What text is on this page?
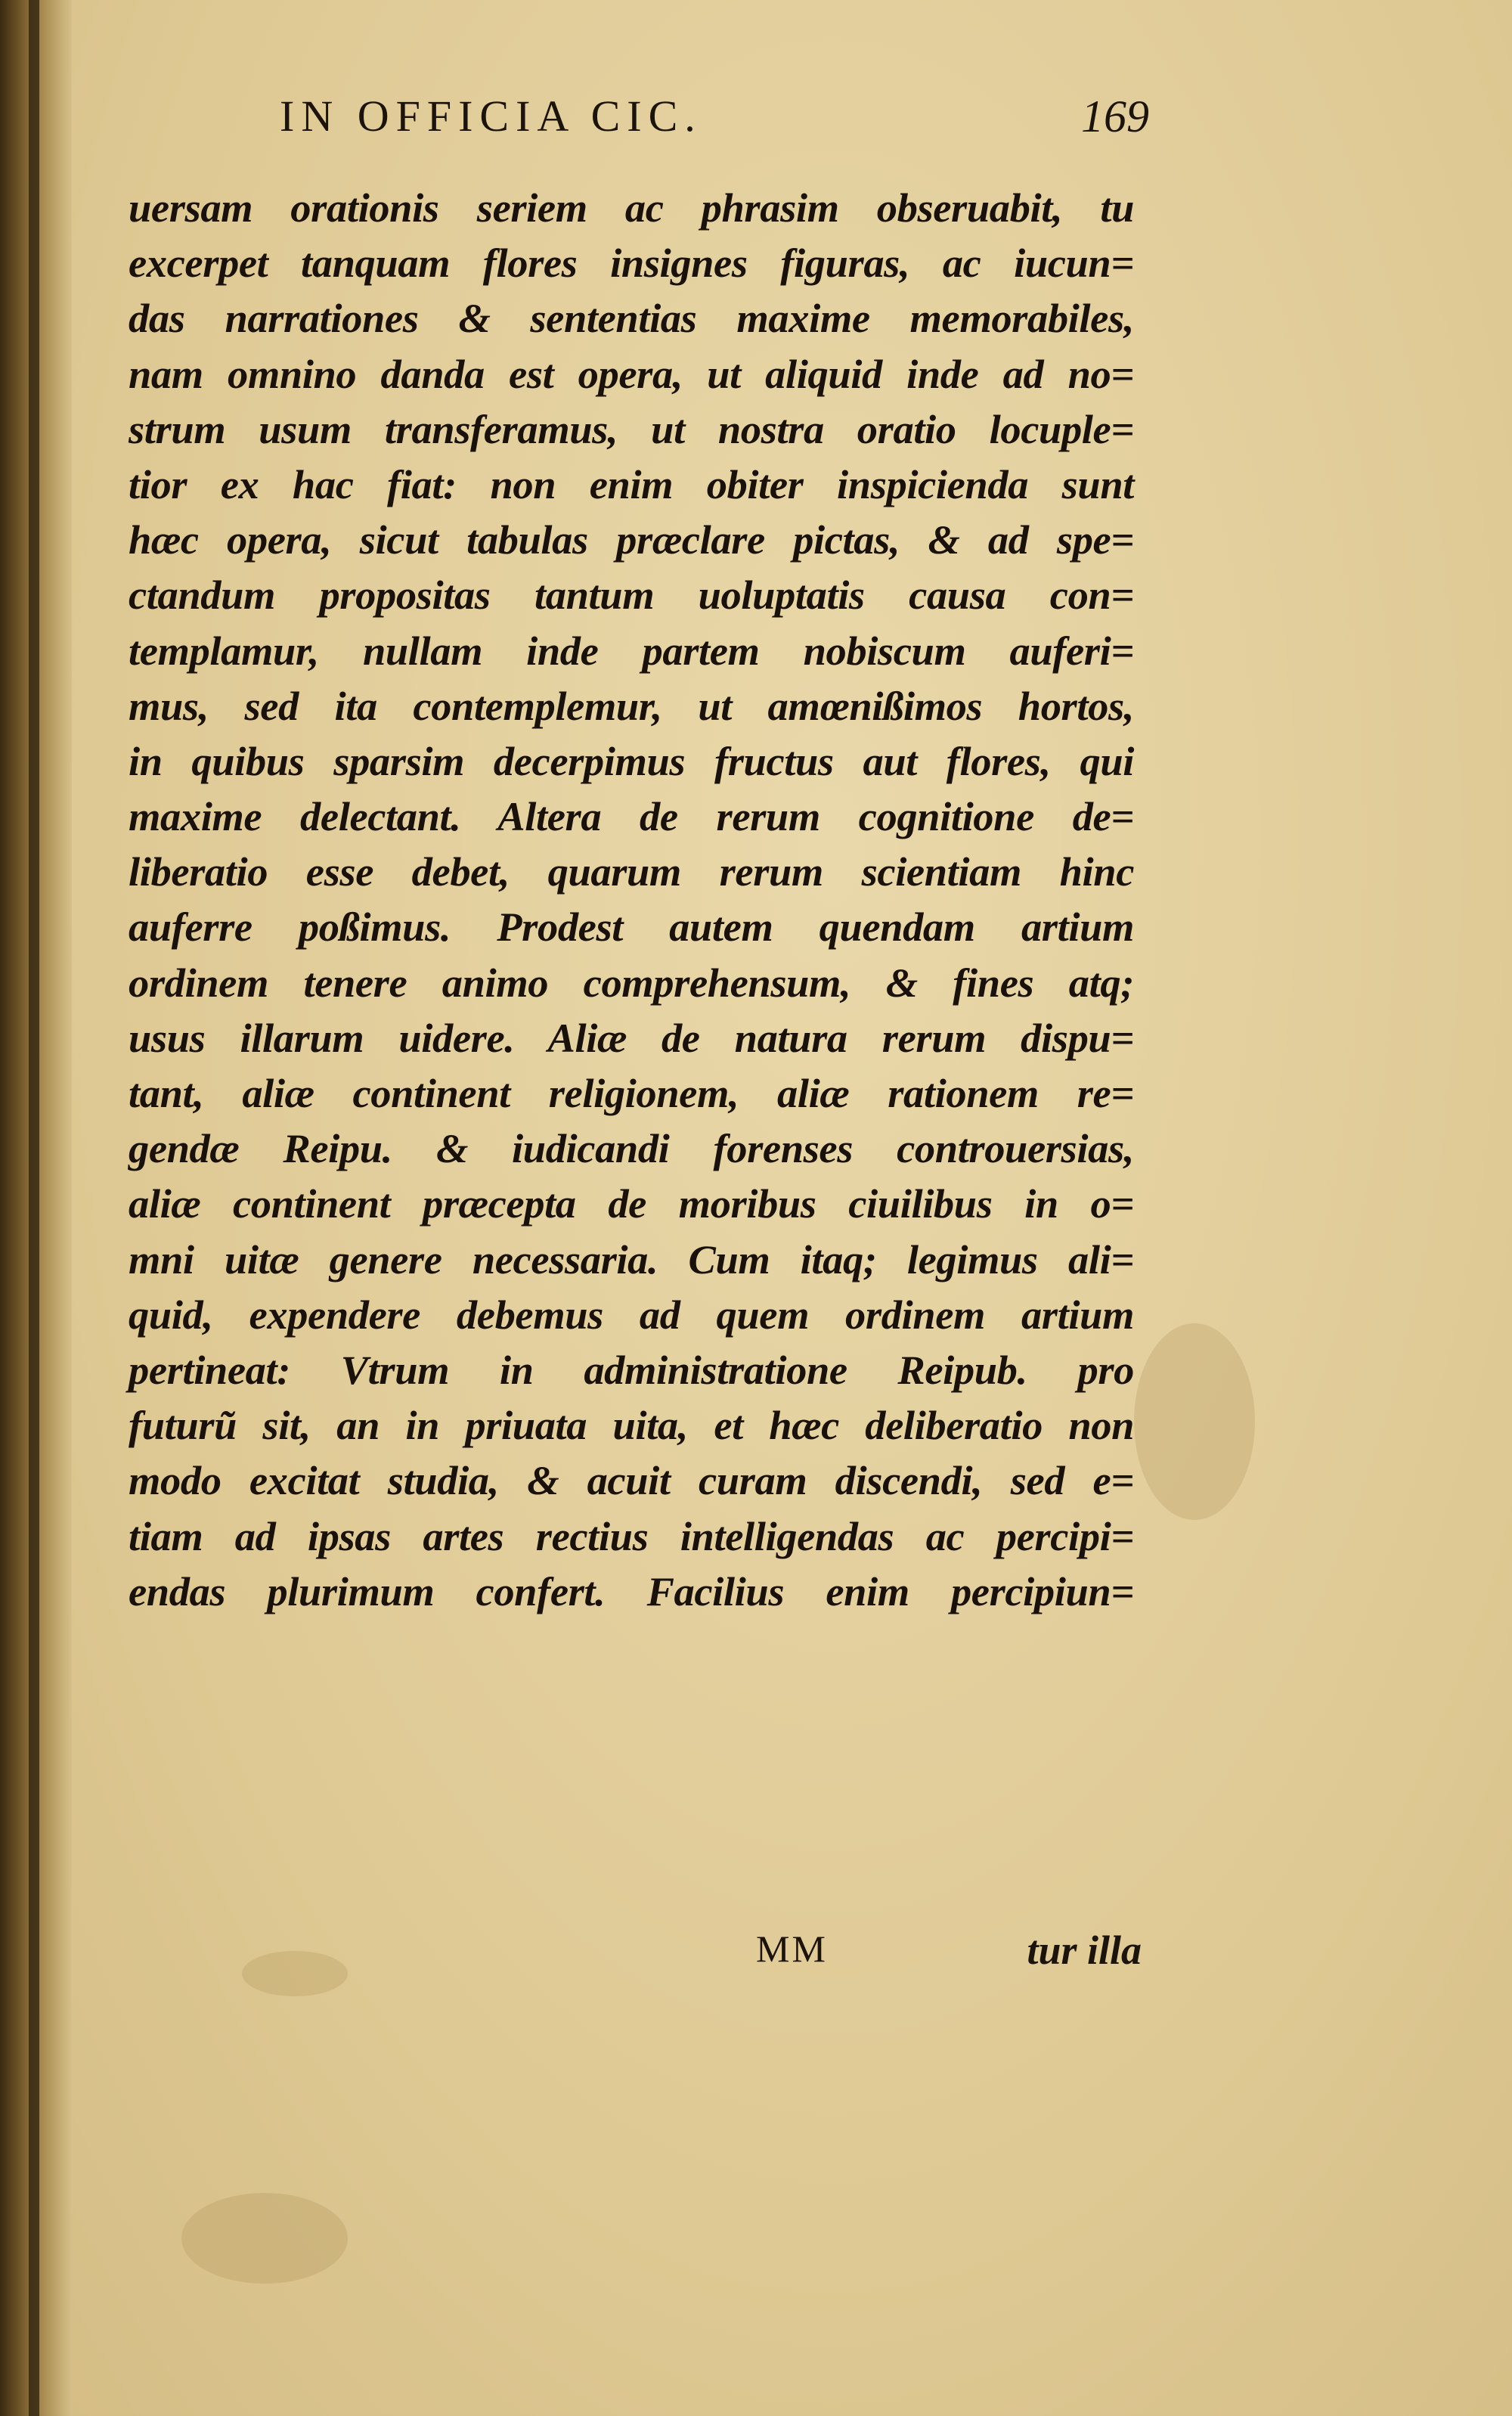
IN OFFICIA CIC.	169
uersam orationis seriem ac phrasim obseruabit, tu
excerpet tanquam flores insignes figuras, ac iucun=
das narrationes & sententias maxime memorabiles,
nam omnino danda est opera, ut aliquid inde ad no=
strum usum transferamus, ut nostra oratio locuple=
tior ex hac fiat: non enim obiter inspicienda sunt
hæc opera, sicut tabulas præclare pictas, & ad spe=
ctandum propositas tantum uoluptatis causa con=
templamur, nullam inde partem nobiscum auferi=
mus, sed ita contemplemur, ut amœnißimos hortos,
in quibus sparsim decerpimus fructus aut flores, qui
maxime delectant. Altera de rerum cognitione de=
liberatio esse debet, quarum rerum scientiam hinc
auferre poßimus. Prodest autem quendam artium
ordinem tenere animo comprehensum, & fines atq;
usus illarum uidere. Aliæ de natura rerum dispu=
tant, aliæ continent religionem, aliæ rationem re=
gendæ Reipu. & iudicandi forenses controuersias,
aliæ continent præcepta de moribus ciuilibus in o=
mni uitæ genere necessaria. Cum itaq; legimus ali=
quid, expendere debemus ad quem ordinem artium
pertineat: Vtrum in administratione Reipub. pro
futurũ sit, an in priuata uita, et hæc deliberatio non
modo excitat studia, & acuit curam discendi, sed e=
tiam ad ipsas artes rectius intelligendas ac percipi=
endas plurimum confert. Facilius enim percipiun=
MM	tur illa
